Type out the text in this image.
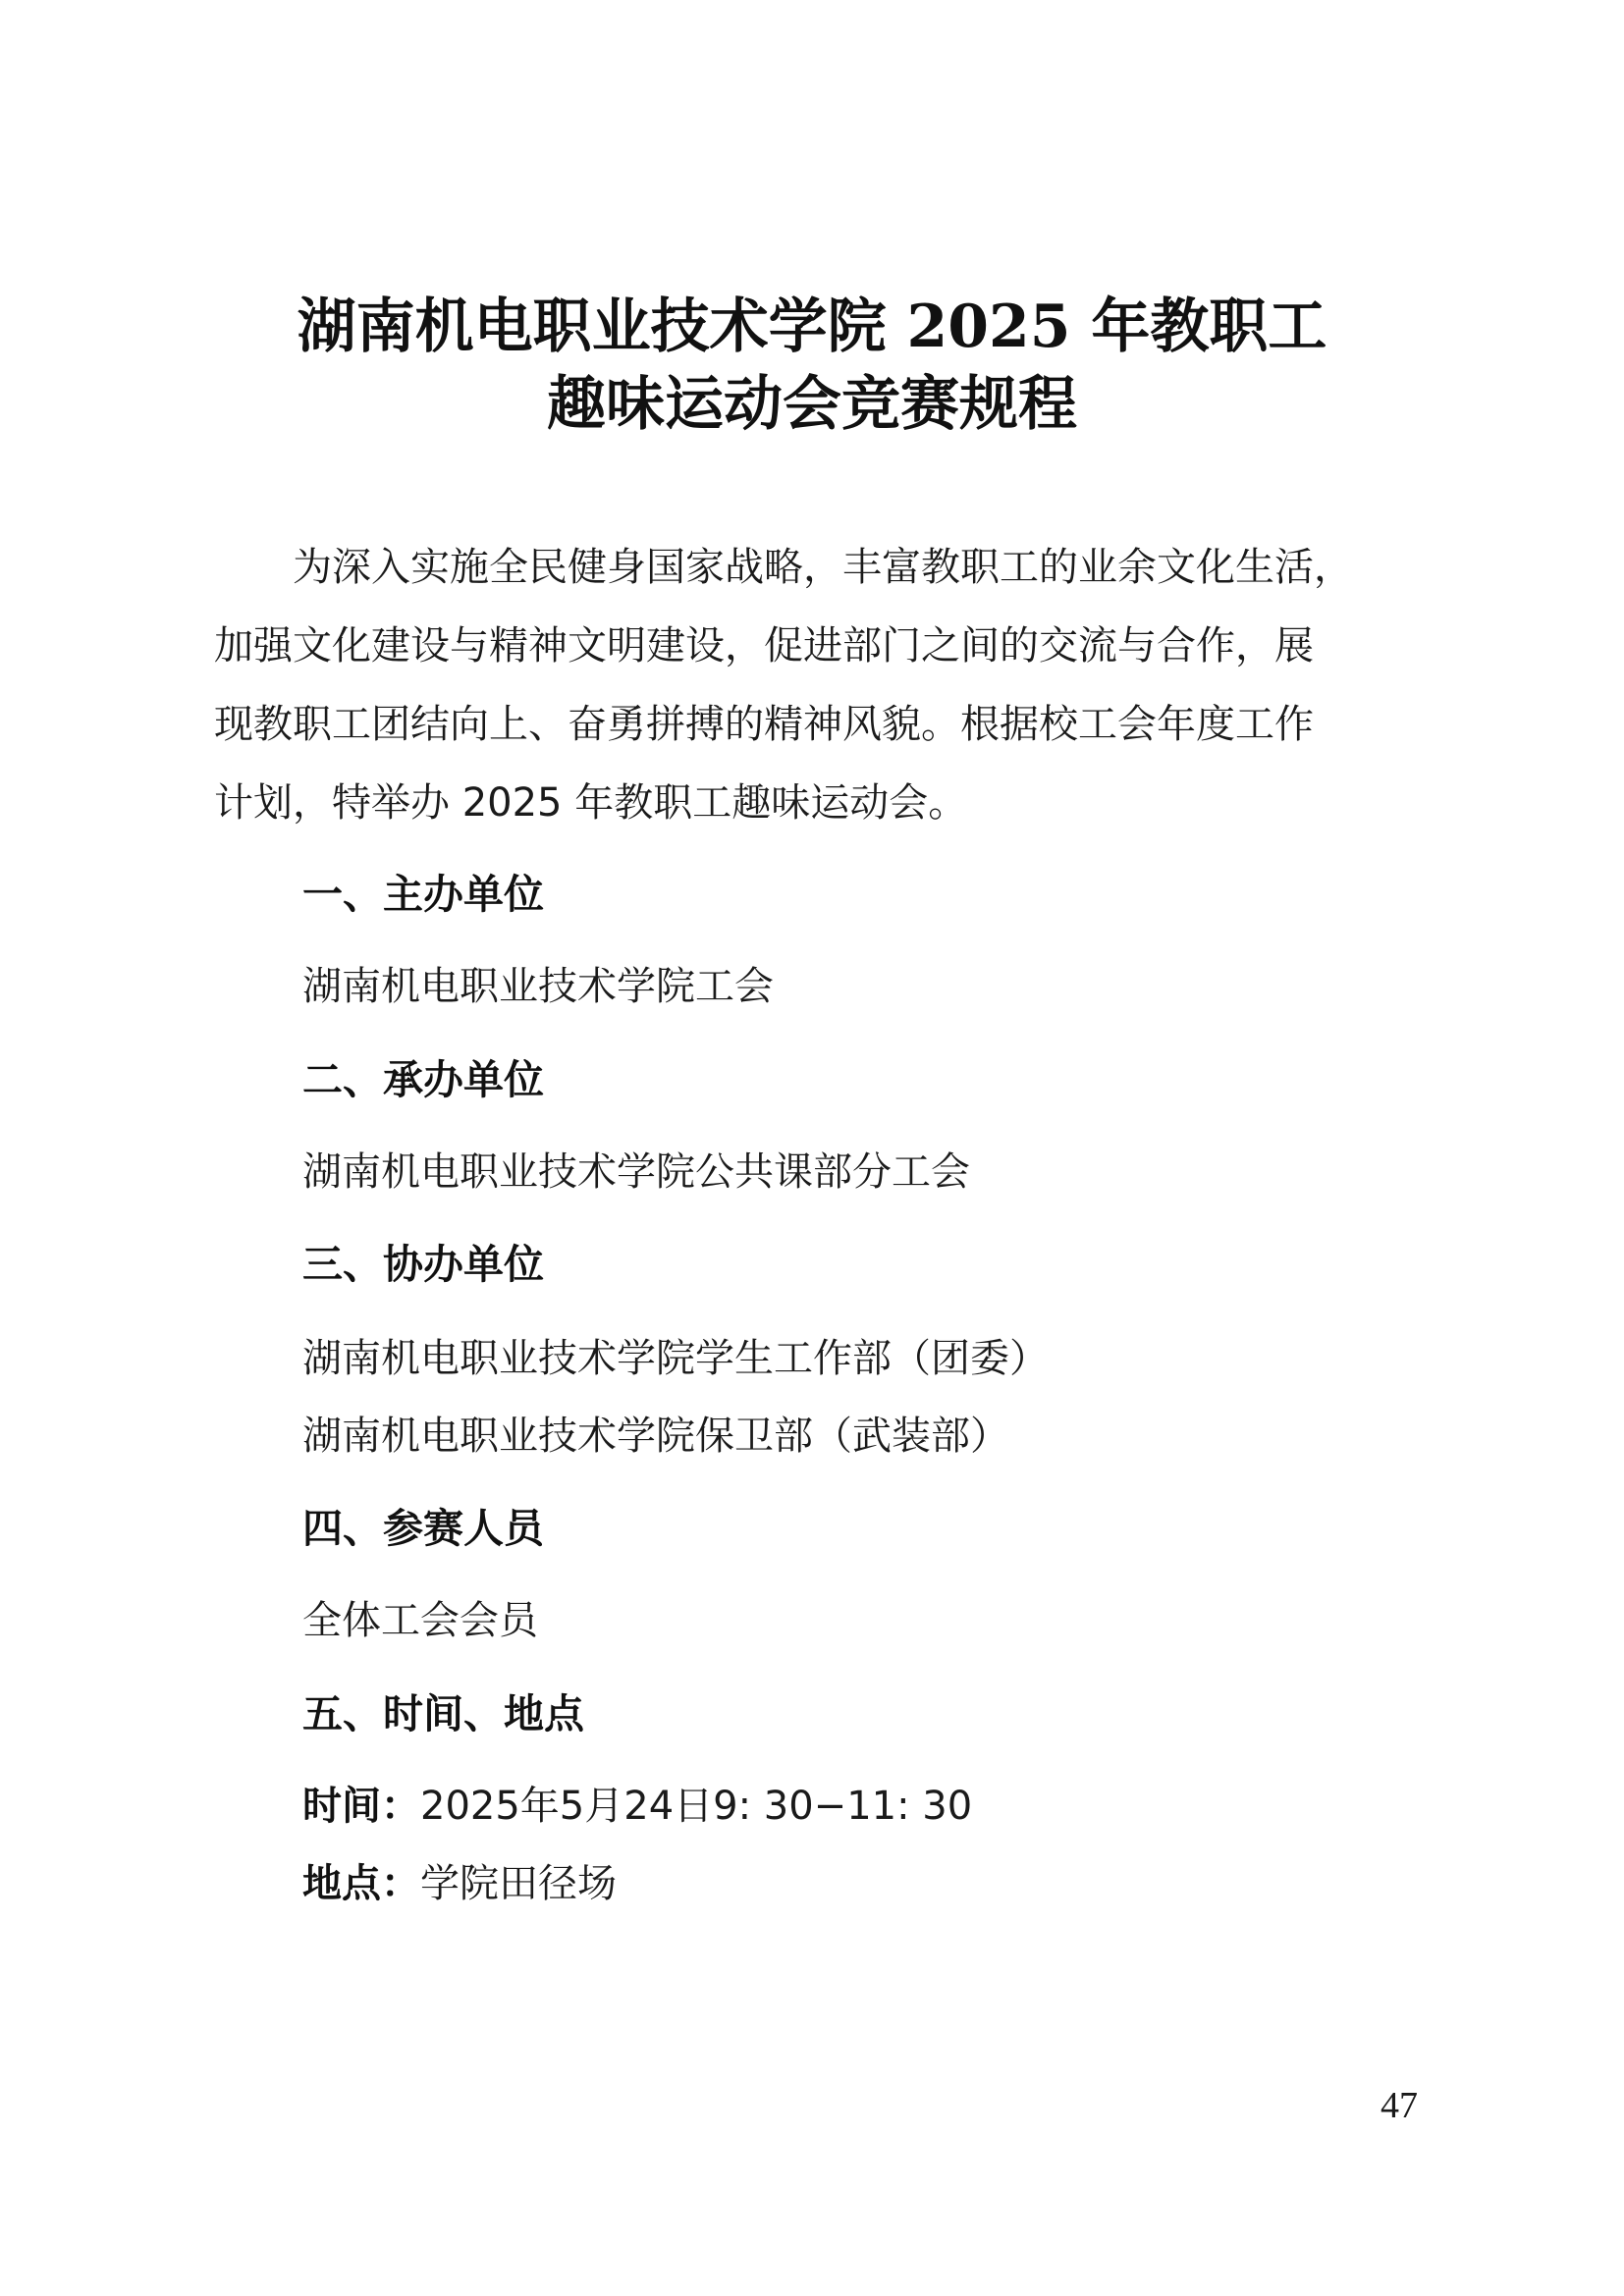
湖南机电职业技术学院 2025 年教职工
趣味运动会竞赛规程
　　为深入实施全民健身国家战略，丰富教职工的业余文化生活，
加强文化建设与精神文明建设，促进部门之间的交流与合作，展
现教职工团结向上、奋勇拼搏的精神风貌。根据校工会年度工作
计划，特举办 2025 年教职工趣味运动会。
一、主办单位
湖南机电职业技术学院工会
二、承办单位
湖南机电职业技术学院公共课部分工会
三、协办单位
湖南机电职业技术学院学生工作部（团委）
湖南机电职业技术学院保卫部（武装部）
四、参赛人员
全体工会会员
五、时间、地点
时间：2025年5月24日9: 30−11: 30
地点：学院田径场
47
